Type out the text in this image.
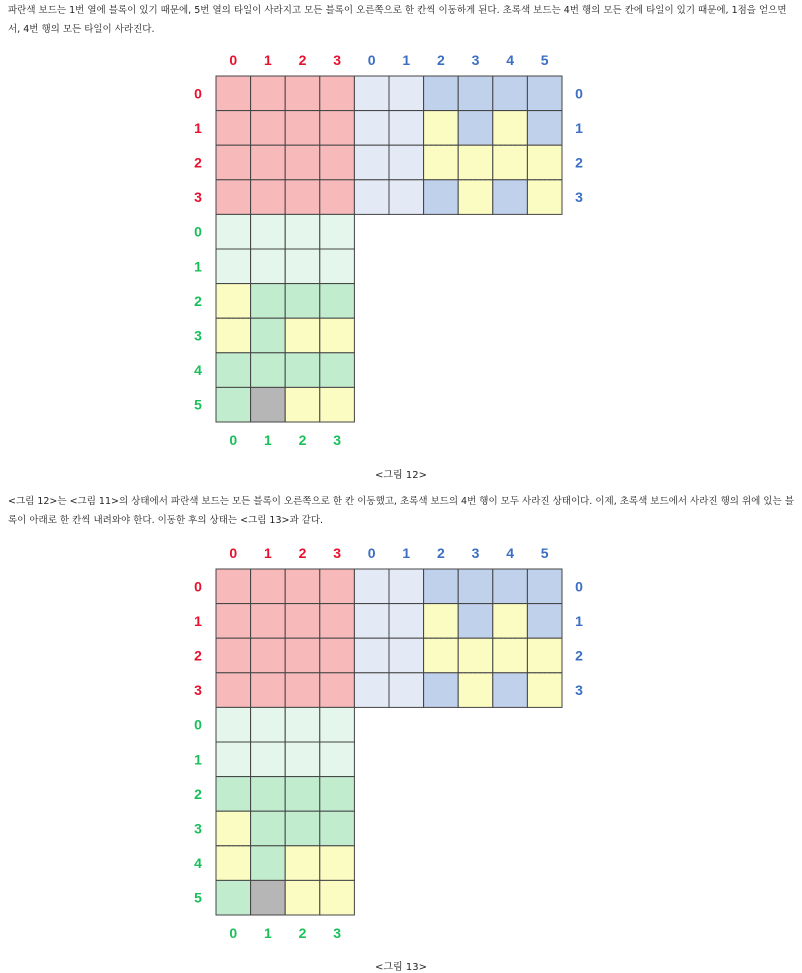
파란색 보드는 1번 열에 블록이 있기 때문에, 5번 열의 타일이 사라지고 모든 블록이 오른쪽으로 한 칸씩 이동하게 된다. 초록색 보드는 4번 행의 모든 칸에 타일이 있기 때문에, 1점을 얻으면서, 4번 행의 모든 타일이 사라진다.

0 1 2 3 0 1 2 3 4 5
0
1
2
3
0
1
2
3
0
1
2
3
4
5
0 1 2 3
<그림 12>

<그림 12>는 <그림 11>의 상태에서 파란색 보드는 모든 블록이 오른쪽으로 한 칸 이동했고, 초록색 보드의 4번 행이 모두 사라진 상태이다. 이제, 초록색 보드에서 사라진 행의 위에 있는 블록이 아래로 한 칸씩 내려와야 한다. 이동한 후의 상태는 <그림 13>과 같다.

0 1 2 3 0 1 2 3 4 5
0
1
2
3
0
1
2
3
0
1
2
3
4
5
0 1 2 3
<그림 13>
